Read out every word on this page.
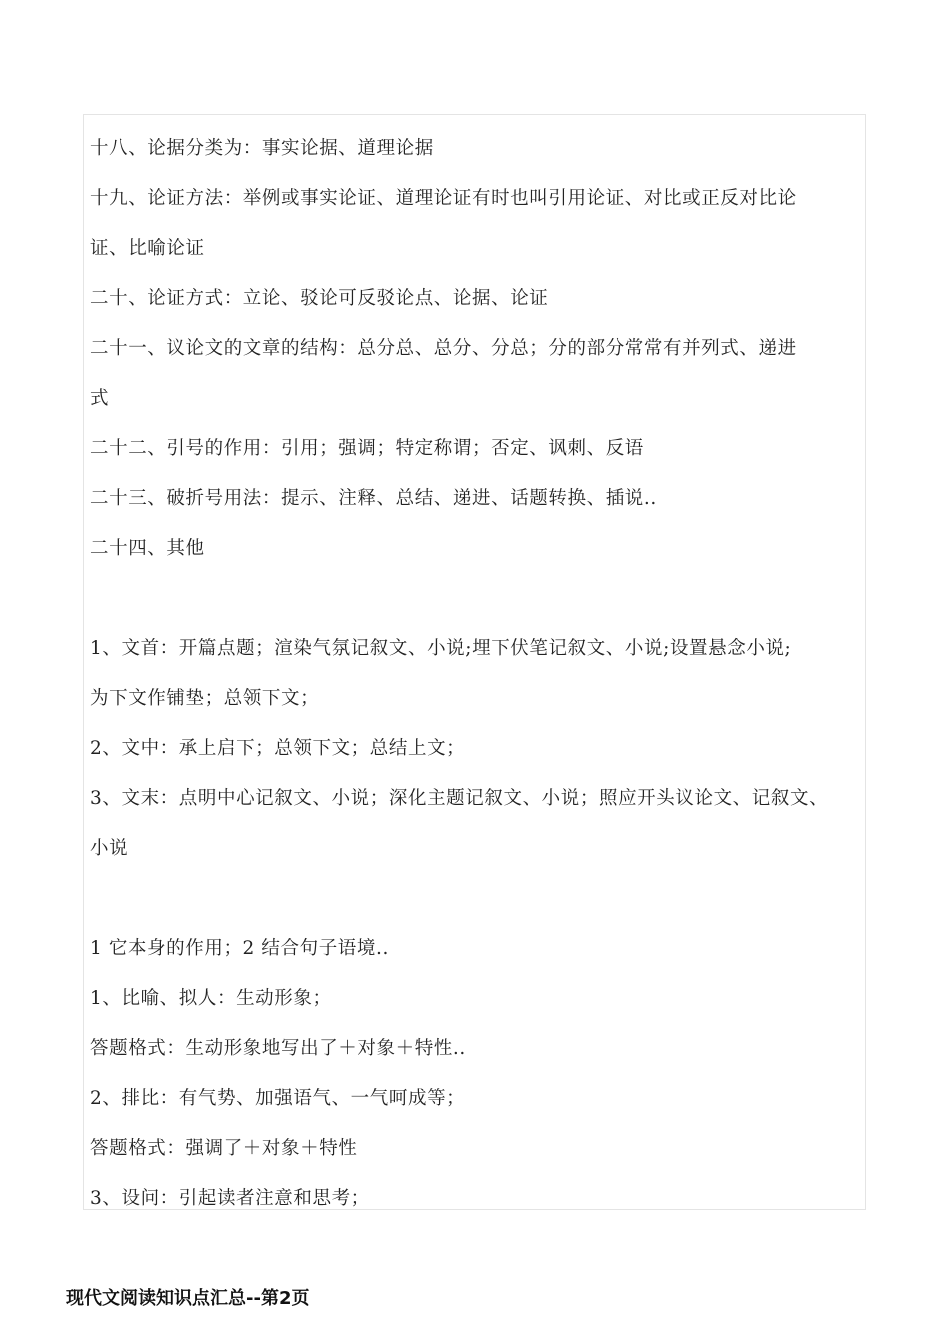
十八、论据分类为：事实论据、道理论据
十九、论证方法：举例或事实论证、道理论证有时也叫引用论证、对比或正反对比论
证、比喻论证
二十、论证方式：立论、驳论可反驳论点、论据、论证
二十一、议论文的文章的结构：总分总、总分、分总；分的部分常常有并列式、递进
式
二十二、引号的作用：引用；强调；特定称谓；否定、讽刺、反语
二十三、破折号用法：提示、注释、总结、递进、话题转换、插说..
二十四、其他
1、文首：开篇点题；渲染气氛记叙文、小说;埋下伏笔记叙文、小说;设置悬念小说;
为下文作铺垫；总领下文；
2、文中：承上启下；总领下文；总结上文；
3、文末：点明中心记叙文、小说；深化主题记叙文、小说；照应开头议论文、记叙文、
小说
1 它本身的作用；2 结合句子语境..
1、比喻、拟人：生动形象；
答题格式：生动形象地写出了＋对象＋特性..
2、排比：有气势、加强语气、一气呵成等；
答题格式：强调了＋对象＋特性
3、设问：引起读者注意和思考；
现代文阅读知识点汇总--第2页
